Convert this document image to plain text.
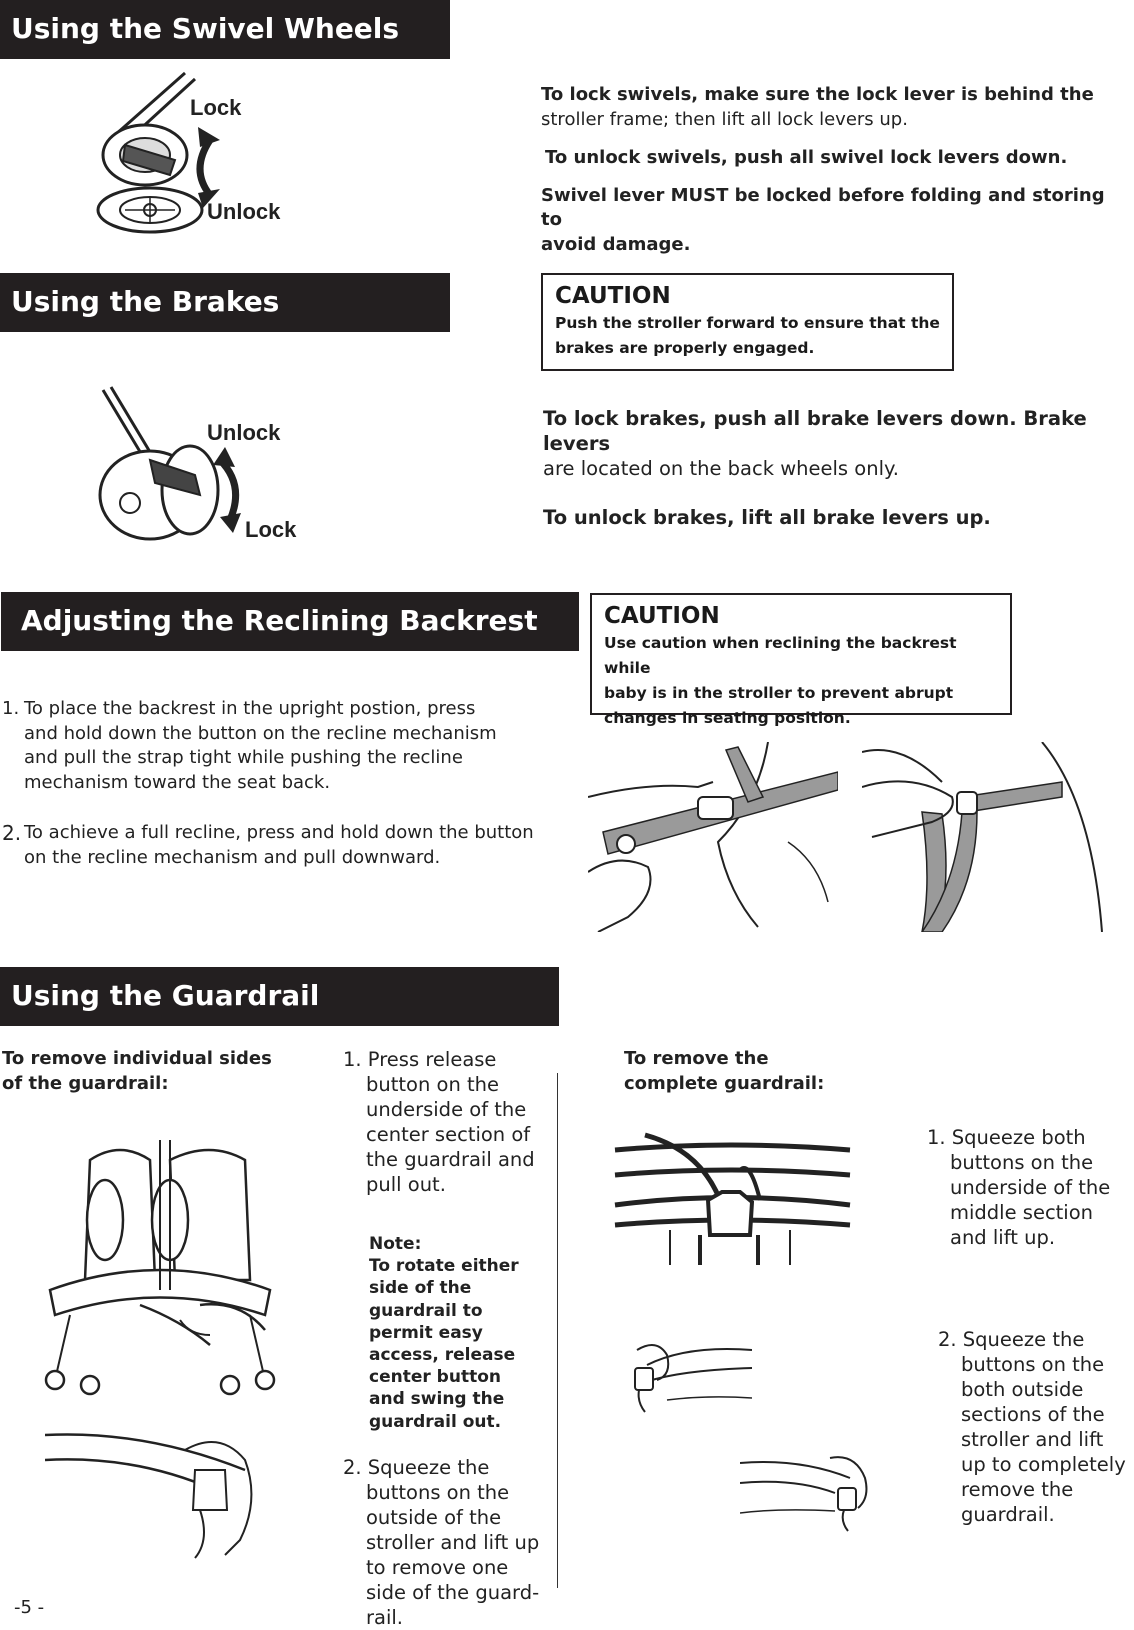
Using the Swivel Wheels
Lock
Unlock
To lock swivels, make sure the lock lever is behind the
stroller frame; then lift all lock levers up.
To unlock swivels, push all swivel lock levers down.
Swivel lever MUST be locked before folding and storing to
avoid damage.
Using the Brakes	CAUTION
Push the stroller forward to ensure that the
brakes are properly engaged.
Unlock
Lock
To lock brakes, push all brake levers down. Brake levers
are located on the back wheels only.
To unlock brakes, lift all brake levers up.
Adjusting the Reclining Backrest	CAUTION
Use caution when reclining the backrest while
baby is in the stroller to prevent abrupt
changes in seating position.
1. To place the backrest in the upright postion, press
and hold down the button on the recline mechanism
and pull the strap tight while pushing the recline
mechanism toward the seat back.
2. To achieve a full recline, press and hold down the button
on the recline mechanism and pull downward.
Using the Guardrail
To remove individual sides
of the guardrail:
1. Press release
button on the
underside of the
center section of
the guardrail and
pull out.
Note:
To rotate either
side of the
guardrail to
permit easy
access, release
center button
and swing the
guardrail out.
2. Squeeze the
buttons on the
outside of the
stroller and lift up
to remove one
side of the guard-
rail.
To remove the
complete guardrail:
1. Squeeze both
buttons on the
underside of the
middle section
and lift up.
2. Squeeze the
buttons on the
both outside
sections of the
stroller and lift
up to completely
remove the
guardrail.
-5 -
